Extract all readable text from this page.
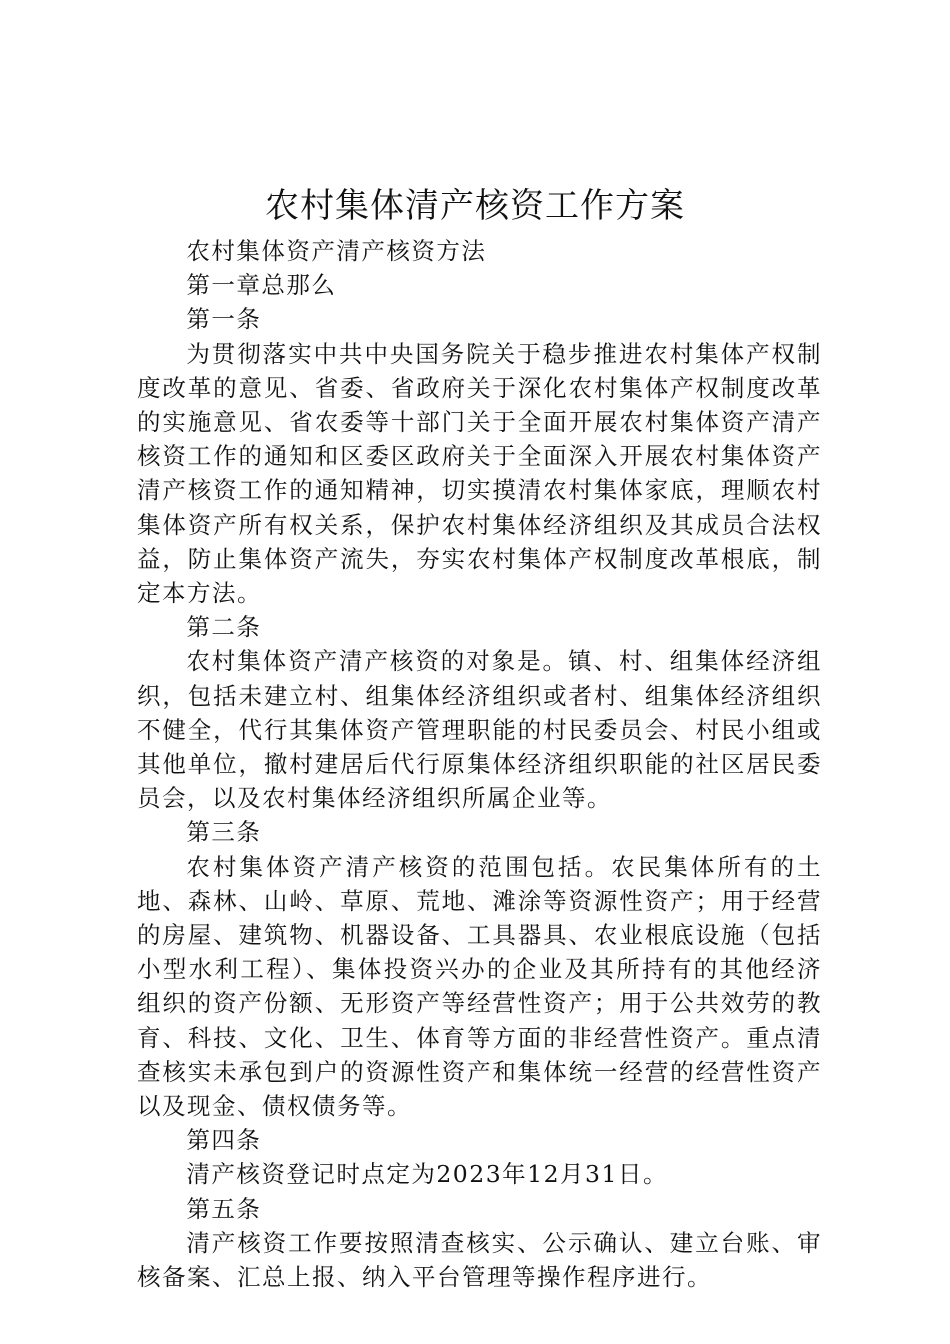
农村集体清产核资工作方案

农村集体资产清产核资方法

第一章总那么

第一条

为贯彻落实中共中央国务院关于稳步推进农村集体产权制度改革的意见、省委、省政府关于深化农村集体产权制度改革的实施意见、省农委等十部门关于全面开展农村集体资产清产核资工作的通知和区委区政府关于全面深入开展农村集体资产清产核资工作的通知精神，切实摸清农村集体家底，理顺农村集体资产所有权关系，保护农村集体经济组织及其成员合法权益，防止集体资产流失，夯实农村集体产权制度改革根底，制定本方法。

第二条

农村集体资产清产核资的对象是。镇、村、组集体经济组织，包括未建立村、组集体经济组织或者村、组集体经济组织不健全，代行其集体资产管理职能的村民委员会、村民小组或其他单位，撤村建居后代行原集体经济组织职能的社区居民委员会，以及农村集体经济组织所属企业等。

第三条

农村集体资产清产核资的范围包括。农民集体所有的土地、森林、山岭、草原、荒地、滩涂等资源性资产；用于经营的房屋、建筑物、机器设备、工具器具、农业根底设施（包括小型水利工程）、集体投资兴办的企业及其所持有的其他经济组织的资产份额、无形资产等经营性资产；用于公共效劳的教育、科技、文化、卫生、体育等方面的非经营性资产。重点清查核实未承包到户的资源性资产和集体统一经营的经营性资产以及现金、债权债务等。

第四条

清产核资登记时点定为2023年12月31日。

第五条

清产核资工作要按照清查核实、公示确认、建立台账、审核备案、汇总上报、纳入平台管理等操作程序进行。
